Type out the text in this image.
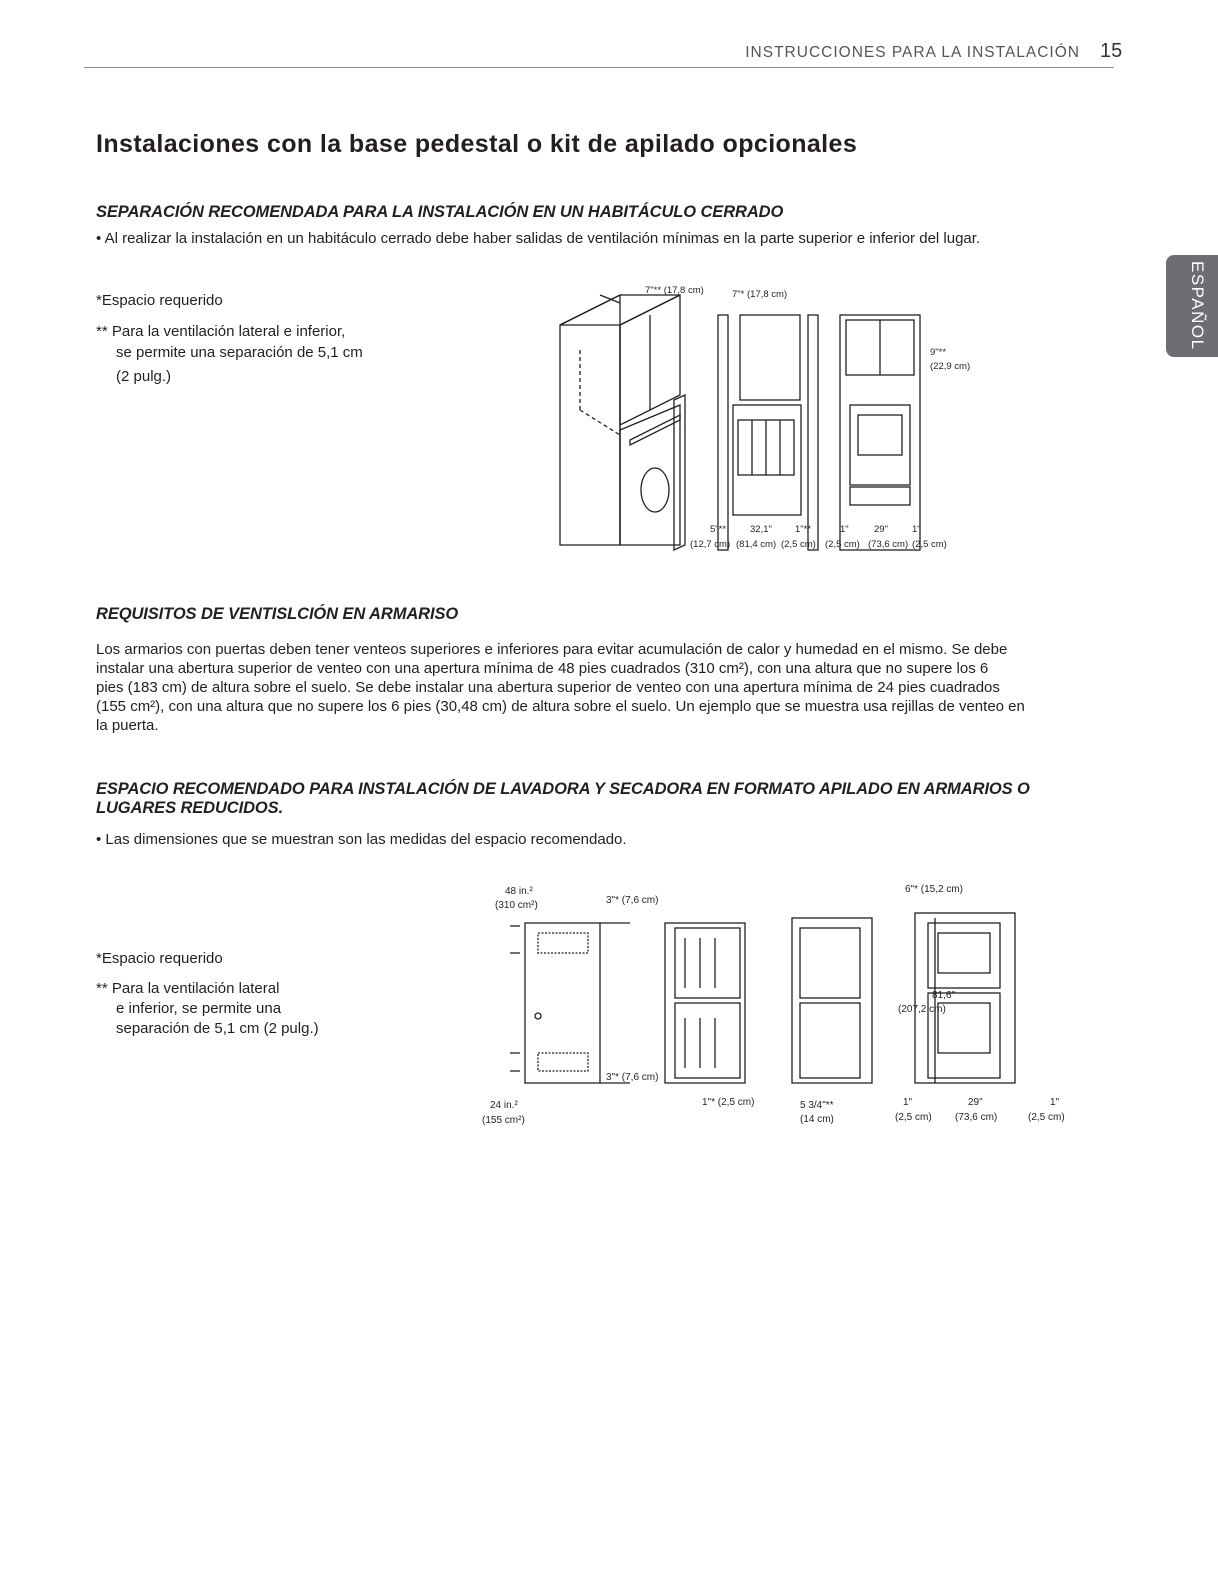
INSTRUCCIONES PARA LA INSTALACIÓN 15
ESPAÑOL
Instalaciones con la base pedestal o kit de apilado opcionales
SEPARACIÓN RECOMENDADA PARA LA INSTALACIÓN EN UN HABITÁCULO CERRADO
• Al realizar la instalación en un habitáculo cerrado debe haber salidas de ventilación mínimas en la parte superior e inferior del lugar.
*Espacio requerido
** Para la ventilación lateral e inferior,
se permite una separación de 5,1 cm
(2 pulg.)
7"** (17,8 cm)	7"* (17,8 cm)
9"**
(22,9 cm)
5"**	32,1" 1"**	1"	29"	1"
(12,7 cm) (81,4 cm) (2,5 cm) (2,5 cm) (73,6 cm) (2,5 cm)
REQUISITOS DE VENTISLCIÓN EN ARMARISO
Los armarios con puertas deben tener venteos superiores e inferiores para evitar acumulación de calor y humedad en el mismo. Se debe
instalar una abertura superior de venteo con una apertura mínima de 48 pies cuadrados (310 cm²), con una altura que no supere los 6
pies (183 cm) de altura sobre el suelo. Se debe instalar una abertura superior de venteo con una apertura mínima de 24 pies cuadrados
(155 cm²), con una altura que no supere los 6 pies (30,48 cm) de altura sobre el suelo. Un ejemplo que se muestra usa rejillas de venteo en
la puerta.
ESPACIO RECOMENDADO PARA INSTALACIÓN DE LAVADORA Y SECADORA EN FORMATO APILADO EN ARMARIOS O
LUGARES REDUCIDOS.
• Las dimensiones que se muestran son las medidas del espacio recomendado.
*Espacio requerido
** Para la ventilación lateral
e inferior, se permite una
separación de 5,1 cm (2 pulg.)
48 in.²
(310 cm²)
24 in.²
(155 cm²)
3"* (7,6 cm)
3"* (7,6 cm)
1"* (2,5 cm)	5 3/4"**
(14 cm)
6"* (15,2 cm)
81,6"
(207,2 cm)
1"
(2,5 cm)
29"
(73,6 cm)
1"
(2,5 cm)
